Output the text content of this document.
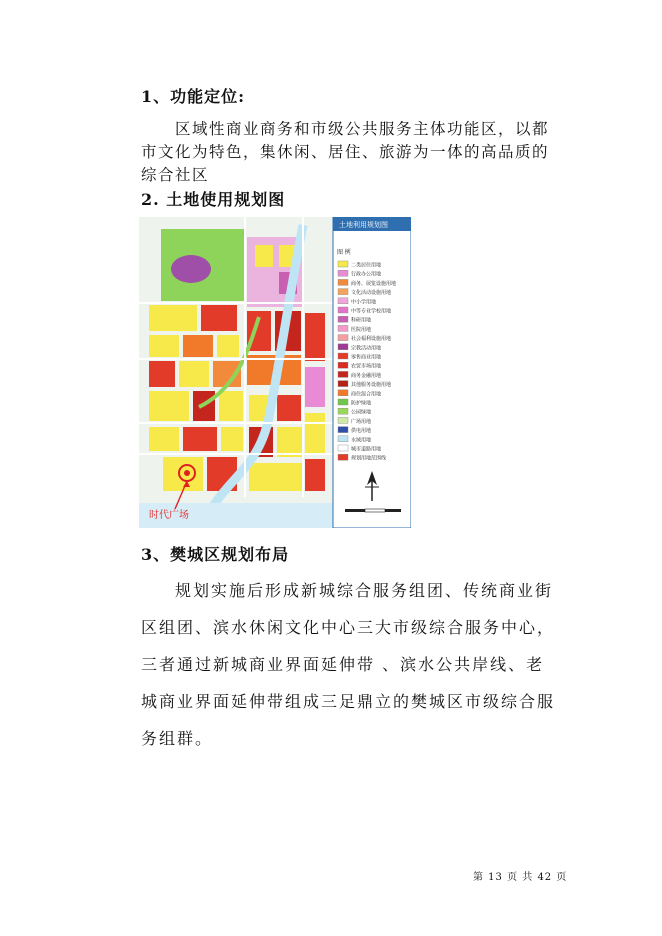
1、功能定位:
区域性商业商务和市级公共服务主体功能区，以都市文化为特色，集休闲、居住、旅游为一体的高品质的综合社区
2. 土地使用规划图
时代广场
土地利用规划图
图 例
二类居住用地
行政办公用地
商务、展览设施用地
文化活动设施用地
中小学用地
中等专业学校用地
科研用地
医院用地
社会福利设施用地
宗教活动用地
零售商业用地
农贸市场用地
商务金融用地
其他服务设施用地
商住混合用地
防护绿地
公园绿地
广场用地
供电用地
水域用地
城市道路用地
规划用地范围线
3、樊城区规划布局
规划实施后形成新城综合服务组团、传统商业街区组团、滨水休闲文化中心三大市级综合服务中心，三者通过新城商业界面延伸带 、滨水公共岸线、老城商业界面延伸带组成三足鼎立的樊城区市级综合服务组群。
第 13 页 共 42 页
